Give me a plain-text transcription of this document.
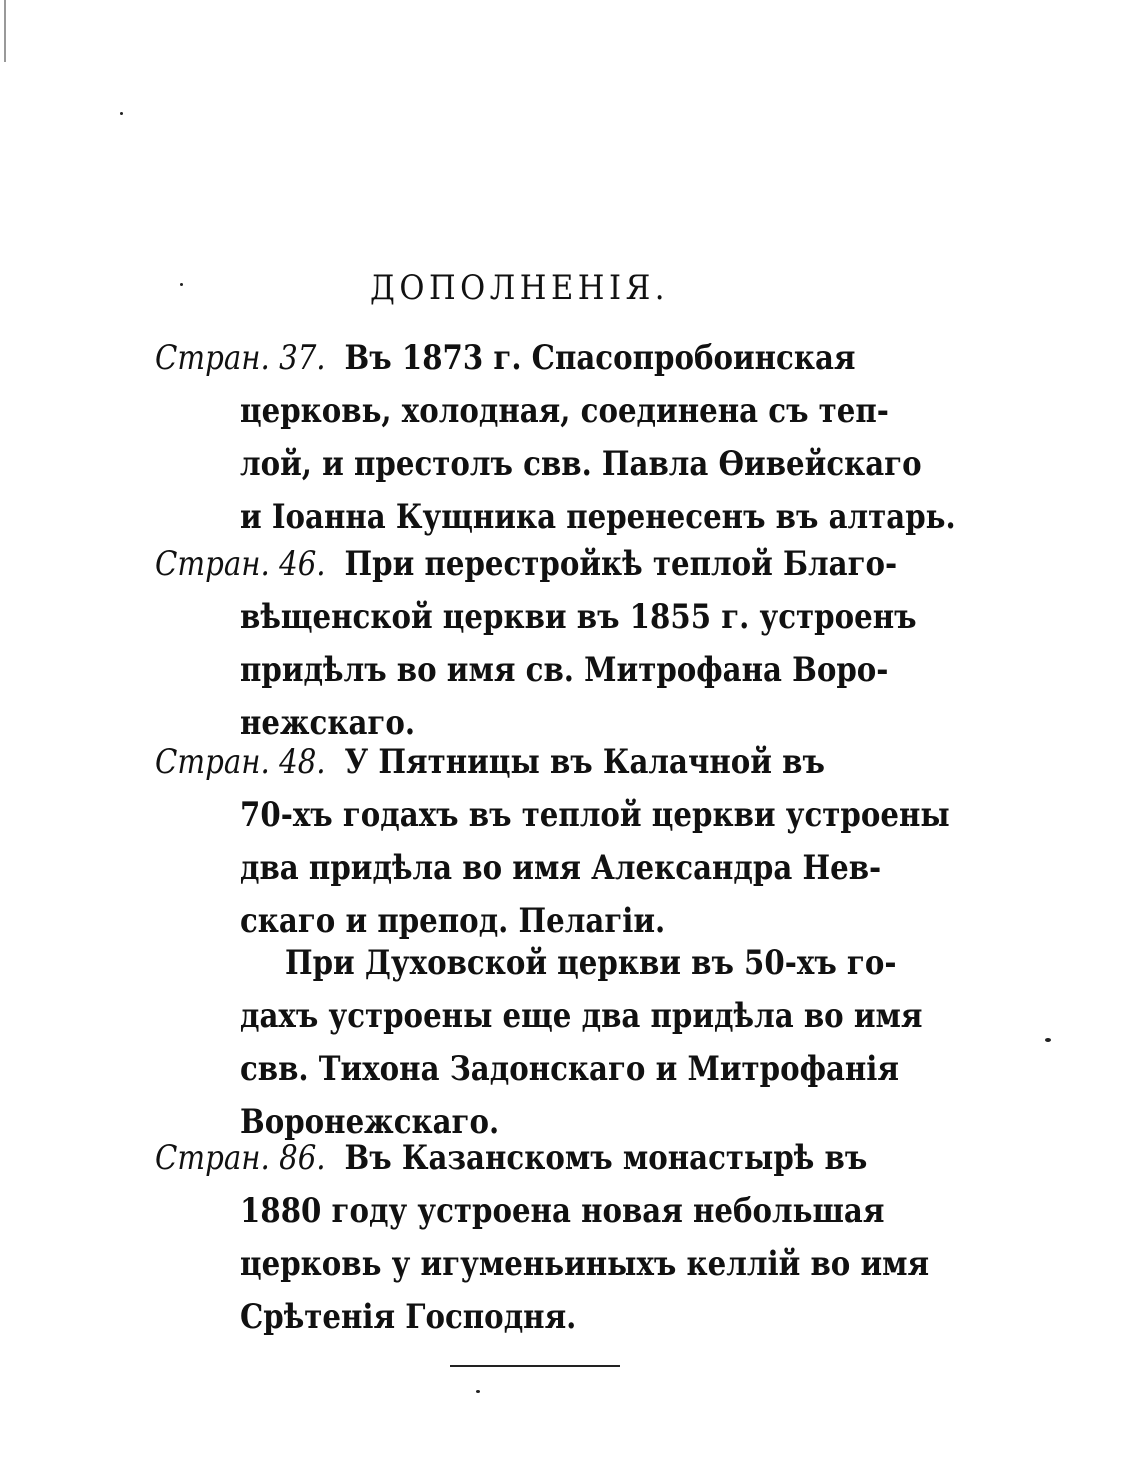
ДОПОЛНЕНІЯ.
Стран. 37. Въ 1873 г. Спасопробоинская
церковь, холодная, соединена съ теп-
лой, и престолъ свв. Павла Ѳивейскаго
и Іоанна Кущника перенесенъ въ алтарь.
Стран. 46. При перестройкѣ теплой Благо-
вѣщенской церкви въ 1855 г. устроенъ
придѣлъ во имя св. Митрофана Воро-
нежскаго.
Стран. 48. У Пятницы въ Калачной въ
70-хъ годахъ въ теплой церкви устроены
два придѣла во имя Александра Нев-
скаго и препод. Пелагіи.
При Духовской церкви въ 50-хъ го-
дахъ устроены еще два придѣла во имя
свв. Тихона Задонскаго и Митрофанія
Воронежскаго.
Стран. 86. Въ Казанскомъ монастырѣ въ
1880 году устроена новая небольшая
церковь у игуменьиныхъ келлій во имя
Срѣтенія Господня.
